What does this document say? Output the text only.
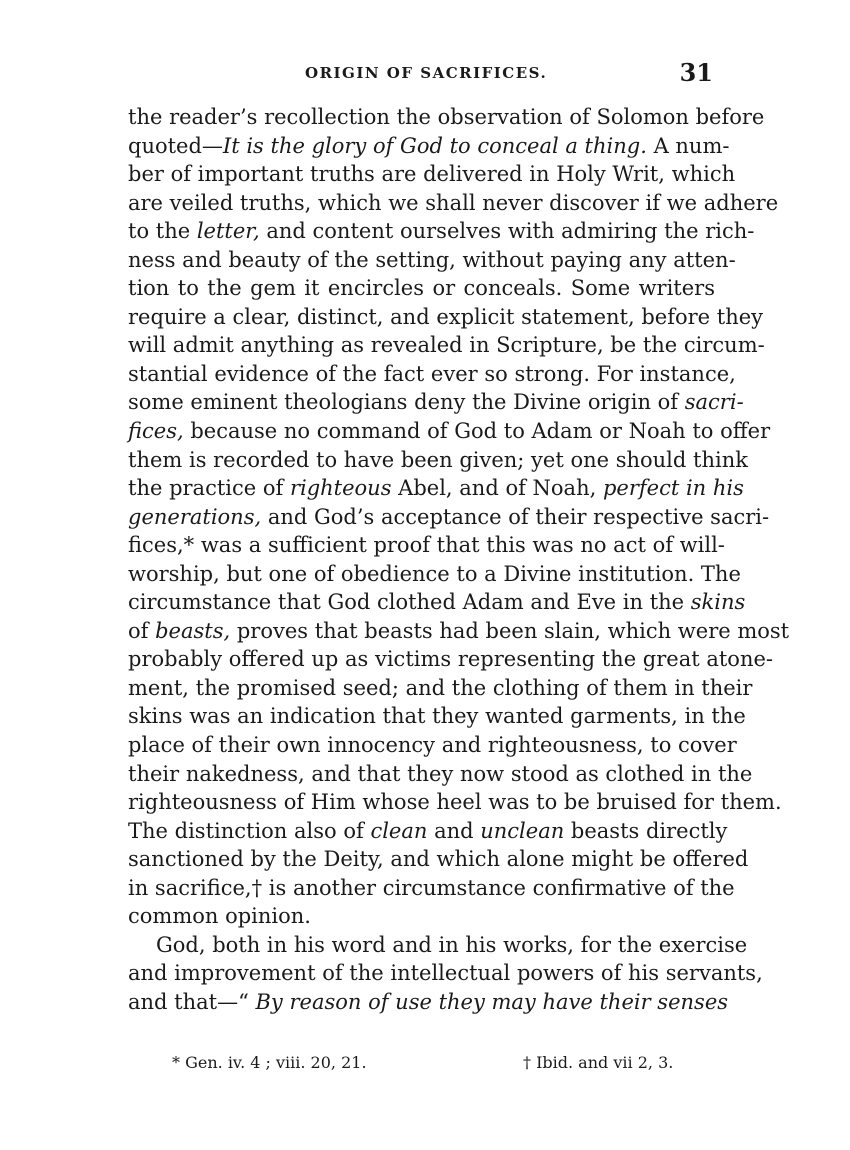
ORIGIN OF SACRIFICES.	31
the reader’s recollection the observation of Solomon before
quoted—It is the glory of God to conceal a thing. A num-
ber of important truths are delivered in Holy Writ, which
are veiled truths, which we shall never discover if we adhere
to the letter, and content ourselves with admiring the rich-
ness and beauty of the setting, without paying any atten-
tion to the gem it encircles or conceals. Some writers
require a clear, distinct, and explicit statement, before they
will admit anything as revealed in Scripture, be the circum-
stantial evidence of the fact ever so strong. For instance,
some eminent theologians deny the Divine origin of sacri-
fices, because no command of God to Adam or Noah to offer
them is recorded to have been given; yet one should think
the practice of righteous Abel, and of Noah, perfect in his
generations, and God’s acceptance of their respective sacri-
fices,* was a sufficient proof that this was no act of will-
worship, but one of obedience to a Divine institution. The
circumstance that God clothed Adam and Eve in the skins
of beasts, proves that beasts had been slain, which were most
probably offered up as victims representing the great atone-
ment, the promised seed; and the clothing of them in their
skins was an indication that they wanted garments, in the
place of their own innocency and righteousness, to cover
their nakedness, and that they now stood as clothed in the
righteousness of Him whose heel was to be bruised for them.
The distinction also of clean and unclean beasts directly
sanctioned by the Deity, and which alone might be offered
in sacrifice,† is another circumstance confirmative of the
common opinion.
God, both in his word and in his works, for the exercise
and improvement of the intellectual powers of his servants,
and that—“ By reason of use they may have their senses
* Gen. iv. 4 ; viii. 20, 21.	† Ibid. and vii 2, 3.
